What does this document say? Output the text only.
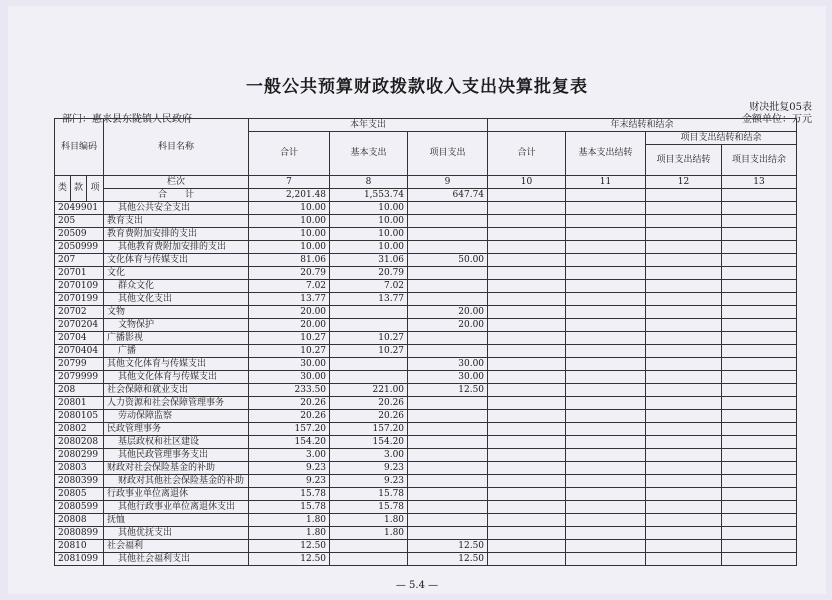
一般公共预算财政拨款收入支出决算批复表
财决批复05表
部门：惠来县东陇镇人民政府	金额单位：万元
— 5.4 —
科目编码			科目名称	本年支出			年末结转和结余			
				合计	基本支出	项目支出	合计	基本支出结转	项目支出结转和结余	
									项目支出结转	项目支出结余
类	款	项	栏次	7	8	9	10	11	12	13
			合　　计	2,201.48	1,553.74	647.74				
2049901			其他公共安全支出	10.00	10.00					
205			教育支出	10.00	10.00					
20509			教育费附加安排的支出	10.00	10.00					
2050999			其他教育费附加安排的支出	10.00	10.00					
207			文化体育与传媒支出	81.06	31.06	50.00				
20701			文化	20.79	20.79					
2070109			群众文化	7.02	7.02					
2070199			其他文化支出	13.77	13.77					
20702			文物	20.00		20.00				
2070204			文物保护	20.00		20.00				
20704			广播影视	10.27	10.27					
2070404			广播	10.27	10.27					
20799			其他文化体育与传媒支出	30.00		30.00				
2079999			其他文化体育与传媒支出	30.00		30.00				
208			社会保障和就业支出	233.50	221.00	12.50				
20801			人力资源和社会保障管理事务	20.26	20.26					
2080105			劳动保障监察	20.26	20.26					
20802			民政管理事务	157.20	157.20					
2080208			基层政权和社区建设	154.20	154.20					
2080299			其他民政管理事务支出	3.00	3.00					
20803			财政对社会保险基金的补助	9.23	9.23					
2080399			财政对其他社会保险基金的补助	9.23	9.23					
20805			行政事业单位离退休	15.78	15.78					
2080599			其他行政事业单位离退休支出	15.78	15.78					
20808			抚恤	1.80	1.80					
2080899			其他优抚支出	1.80	1.80					
20810			社会福利	12.50		12.50				
2081099			其他社会福利支出	12.50		12.50				
